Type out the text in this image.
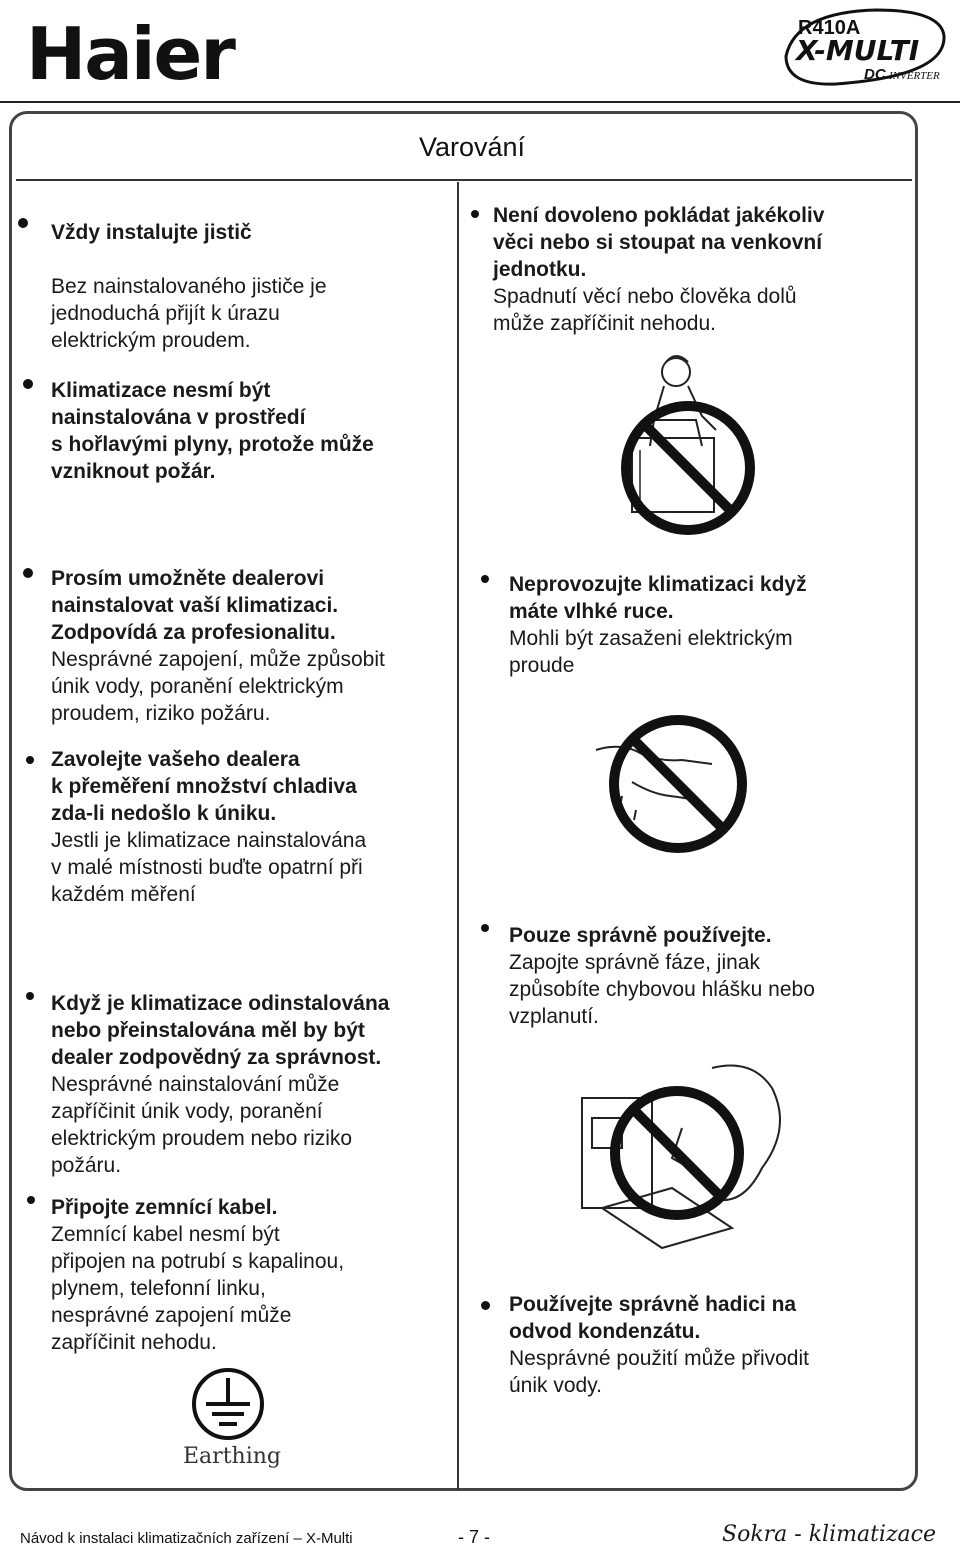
Haier	R410A
X-MULTI
DC INVERTER
Varování
Vždy instalujte jistič
Bez nainstalovaného jističe je
jednoduchá přijít k úrazu
elektrickým proudem.
Klimatizace nesmí být
nainstalována v prostředí
s hořlavými plyny, protože může
vzniknout požár.
Prosím umožněte dealerovi
nainstalovat vaší klimatizaci.
Zodpovídá za profesionalitu.
Nesprávné zapojení, může způsobit
únik vody, poranění elektrickým
proudem, riziko požáru.
Zavolejte vašeho dealera
k přeměření množství chladiva
zda-li nedošlo k úniku.
Jestli je klimatizace nainstalována
v malé místnosti buďte opatrní při
každém měření
Když je klimatizace odinstalována
nebo přeinstalována měl by být
dealer zodpovědný za správnost.
Nesprávné nainstalování může
zapříčinit únik vody, poranění
elektrickým proudem nebo riziko
požáru.
Připojte zemnící kabel.
Zemnící kabel nesmí být
připojen na potrubí s kapalinou,
plynem, telefonní linku,
nesprávné zapojení může
zapříčinit nehodu.
Earthing
Není dovoleno pokládat jakékoliv
věci nebo si stoupat na venkovní
jednotku.
Spadnutí věcí nebo člověka dolů
může zapříčinit nehodu.
Neprovozujte klimatizaci když
máte vlhké ruce.
Mohli být zasaženi elektrickým
proude
Pouze správně používejte.
Zapojte správně fáze, jinak
způsobíte chybovou hlášku nebo
vzplanutí.
Používejte správně hadici na
odvod kondenzátu.
Nesprávné použití může přivodit
únik vody.
Návod k instalaci klimatizačních zařízení – X-Multi	- 7 -	Sokra - klimatizace
